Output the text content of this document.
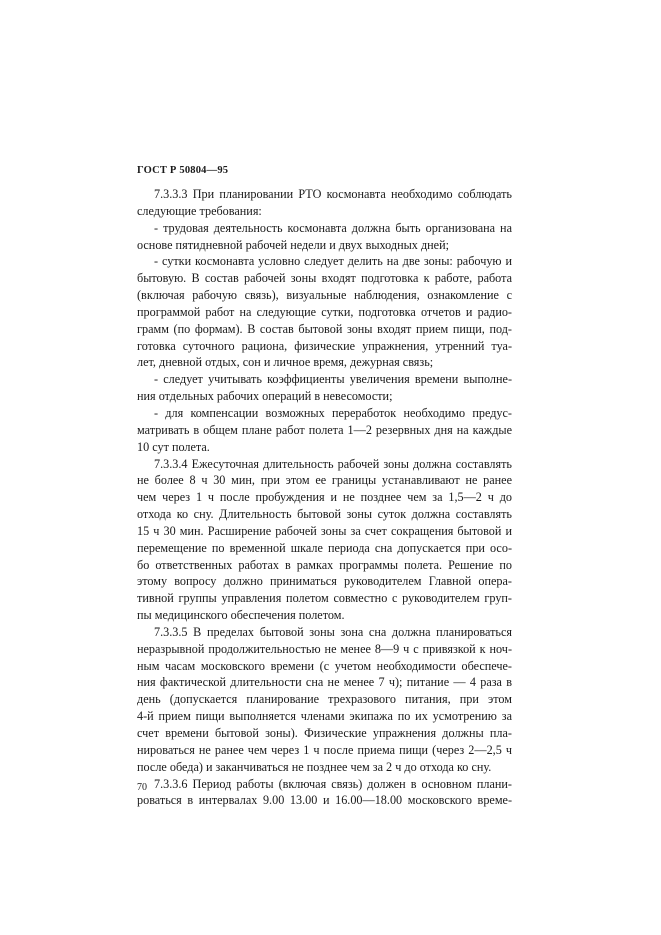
ГОСТ Р 50804—95
7.3.3.3 При планировании РТО космонавта необходимо соблюдать
следующие требования:
- трудовая деятельность космонавта должна быть организована на
основе пятидневной рабочей недели и двух выходных дней;
- сутки космонавта условно следует делить на две зоны: рабочую и
бытовую. В состав рабочей зоны входят подготовка к работе, работа
(включая рабочую связь), визуальные наблюдения, ознакомление с
программой работ на следующие сутки, подготовка отчетов и радио-
грамм (по формам). В состав бытовой зоны входят прием пищи, под-
готовка суточного рациона, физические упражнения, утренний туа-
лет, дневной отдых, сон и личное время, дежурная связь;
- следует учитывать коэффициенты увеличения времени выполне-
ния отдельных рабочих операций в невесомости;
- для компенсации возможных переработок необходимо предус-
матривать в общем плане работ полета 1—2 резервных дня на каждые
10 сут полета.
7.3.3.4 Ежесуточная длительность рабочей зоны должна составлять
не более 8 ч 30 мин, при этом ее границы устанавливают не ранее
чем через 1 ч после пробуждения и не позднее чем за 1,5—2 ч до
отхода ко сну. Длительность бытовой зоны суток должна составлять
15 ч 30 мин. Расширение рабочей зоны за счет сокращения бытовой и
перемещение по временной шкале периода сна допускается при осо-
бо ответственных работах в рамках программы полета. Решение по
этому вопросу должно приниматься руководителем Главной опера-
тивной группы управления полетом совместно с руководителем груп-
пы медицинского обеспечения полетом.
7.3.3.5 В пределах бытовой зоны зона сна должна планироваться
неразрывной продолжительностью не менее 8—9 ч с привязкой к ноч-
ным часам московского времени (с учетом необходимости обеспече-
ния фактической длительности сна не менее 7 ч); питание — 4 раза в
день (допускается планирование трехразового питания, при этом
4-й прием пищи выполняется членами экипажа по их усмотрению за
счет времени бытовой зоны). Физические упражнения должны пла-
нироваться не ранее чем через 1 ч после приема пищи (через 2—2,5 ч
после обеда) и заканчиваться не позднее чем за 2 ч до отхода ко сну.
7.3.3.6 Период работы (включая связь) должен в основном плани-
роваться в интервалах 9.00 13.00 и 16.00—18.00 московского време-
70
